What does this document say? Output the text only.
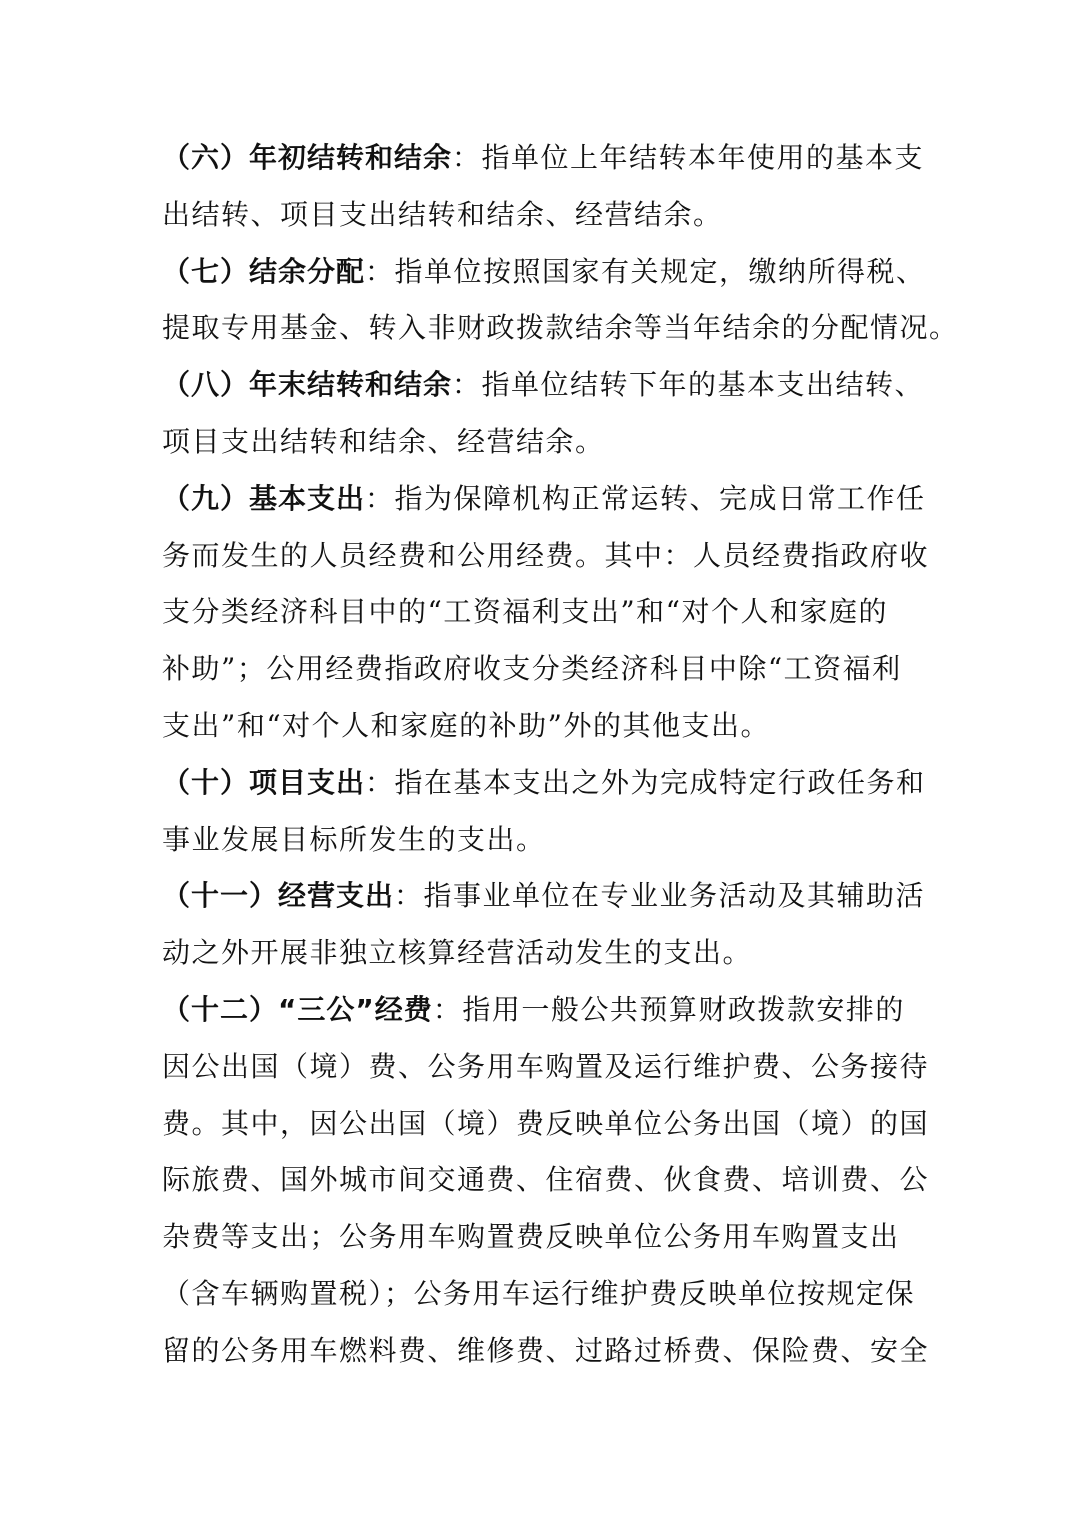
（六）年初结转和结余：指单位上年结转本年使用的基本支
出结转、项目支出结转和结余、经营结余。

（七）结余分配：指单位按照国家有关规定，缴纳所得税、
提取专用基金、转入非财政拨款结余等当年结余的分配情况。

（八）年末结转和结余：指单位结转下年的基本支出结转、
项目支出结转和结余、经营结余。

（九）基本支出：指为保障机构正常运转、完成日常工作任
务而发生的人员经费和公用经费。其中：人员经费指政府收
支分类经济科目中的“工资福利支出”和“对个人和家庭的
补助”；公用经费指政府收支分类经济科目中除“工资福利
支出”和“对个人和家庭的补助”外的其他支出。

（十）项目支出：指在基本支出之外为完成特定行政任务和
事业发展目标所发生的支出。

（十一）经营支出：指事业单位在专业业务活动及其辅助活
动之外开展非独立核算经营活动发生的支出。

（十二）“三公”经费：指用一般公共预算财政拨款安排的
因公出国（境）费、公务用车购置及运行维护费、公务接待
费。其中，因公出国（境）费反映单位公务出国（境）的国
际旅费、国外城市间交通费、住宿费、伙食费、培训费、公
杂费等支出；公务用车购置费反映单位公务用车购置支出
（含车辆购置税）；公务用车运行维护费反映单位按规定保
留的公务用车燃料费、维修费、过路过桥费、保险费、安全
